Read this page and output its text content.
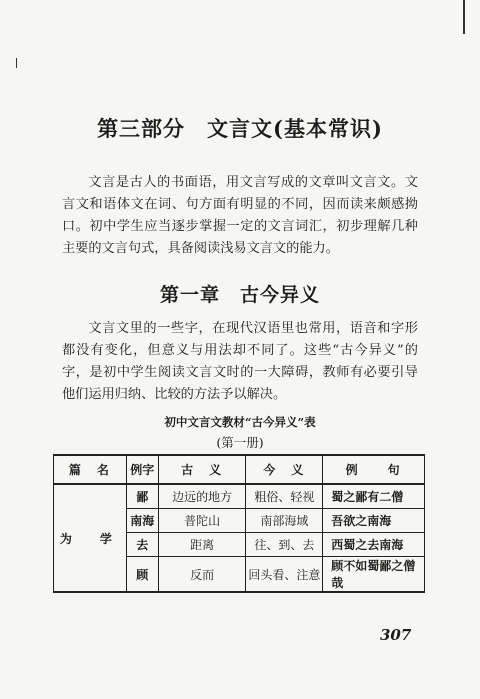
第三部分　文言文(基本常识)

文言是古人的书面语，用文言写成的文章叫文言文。文言文和语体文在词、句方面有明显的不同，因而读来颇感拗口。初中学生应当逐步掌握一定的文言词汇，初步理解几种主要的文言句式，具备阅读浅易文言文的能力。

第一章　古今异义

文言文里的一些字，在现代汉语里也常用，语音和字形都没有变化，但意义与用法却不同了。这些“古今异义”的字，是初中学生阅读文言文时的一大障碍，教师有必要引导他们运用归纳、比较的方法予以解决。

初中文言文教材“古今异义”表
(第一册)
篇　名	例字	古　义	今　义	例　　句
为　学	鄙	边远的地方	粗俗、轻视	蜀之鄙有二僧
	南海	普陀山	南部海域	吾欲之南海
	去	距离	往、到、去	西蜀之去南海
	顾	反而	回头看、注意	顾不如蜀鄙之僧哉
307
